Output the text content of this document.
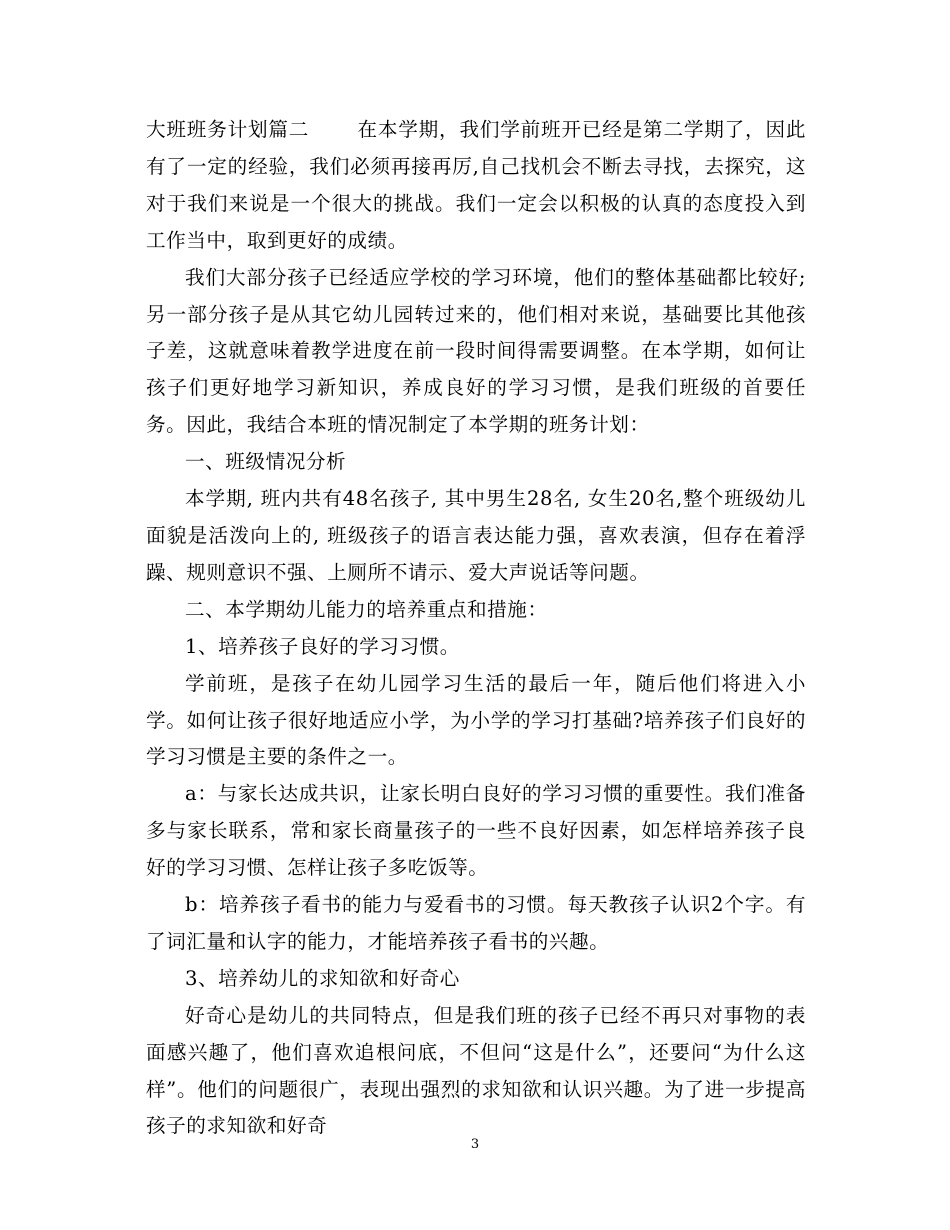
大班班务计划篇二 在本学期，我们学前班开已经是第二学期了，因此有了一定的经验，我们必须再接再厉,自己找机会不断去寻找，去探究，这对于我们来说是一个很大的挑战。我们一定会以积极的认真的态度投入到工作当中，取到更好的成绩。

我们大部分孩子已经适应学校的学习环境，他们的整体基础都比较好;另一部分孩子是从其它幼儿园转过来的，他们相对来说，基础要比其他孩子差，这就意味着教学进度在前一段时间得需要调整。在本学期，如何让孩子们更好地学习新知识，养成良好的学习习惯，是我们班级的首要任务。因此，我结合本班的情况制定了本学期的班务计划：

一、班级情况分析

本学期, 班内共有48名孩子, 其中男生28名, 女生20名,整个班级幼儿面貌是活泼向上的, 班级孩子的语言表达能力强，喜欢表演，但存在着浮躁、规则意识不强、上厕所不请示、爱大声说话等问题。

二、本学期幼儿能力的培养重点和措施：

1、培养孩子良好的学习习惯。

学前班，是孩子在幼儿园学习生活的最后一年，随后他们将进入小学。如何让孩子很好地适应小学，为小学的学习打基础?培养孩子们良好的学习习惯是主要的条件之一。

a：与家长达成共识，让家长明白良好的学习习惯的重要性。我们准备多与家长联系，常和家长商量孩子的一些不良好因素，如怎样培养孩子良好的学习习惯、怎样让孩子多吃饭等。

b：培养孩子看书的能力与爱看书的习惯。每天教孩子认识2个字。有了词汇量和认字的能力，才能培养孩子看书的兴趣。

3、培养幼儿的求知欲和好奇心

好奇心是幼儿的共同特点，但是我们班的孩子已经不再只对事物的表面感兴趣了，他们喜欢追根问底，不但问“这是什么”，还要问“为什么这样”。他们的问题很广，表现出强烈的求知欲和认识兴趣。为了进一步提高孩子的求知欲和好奇

3
